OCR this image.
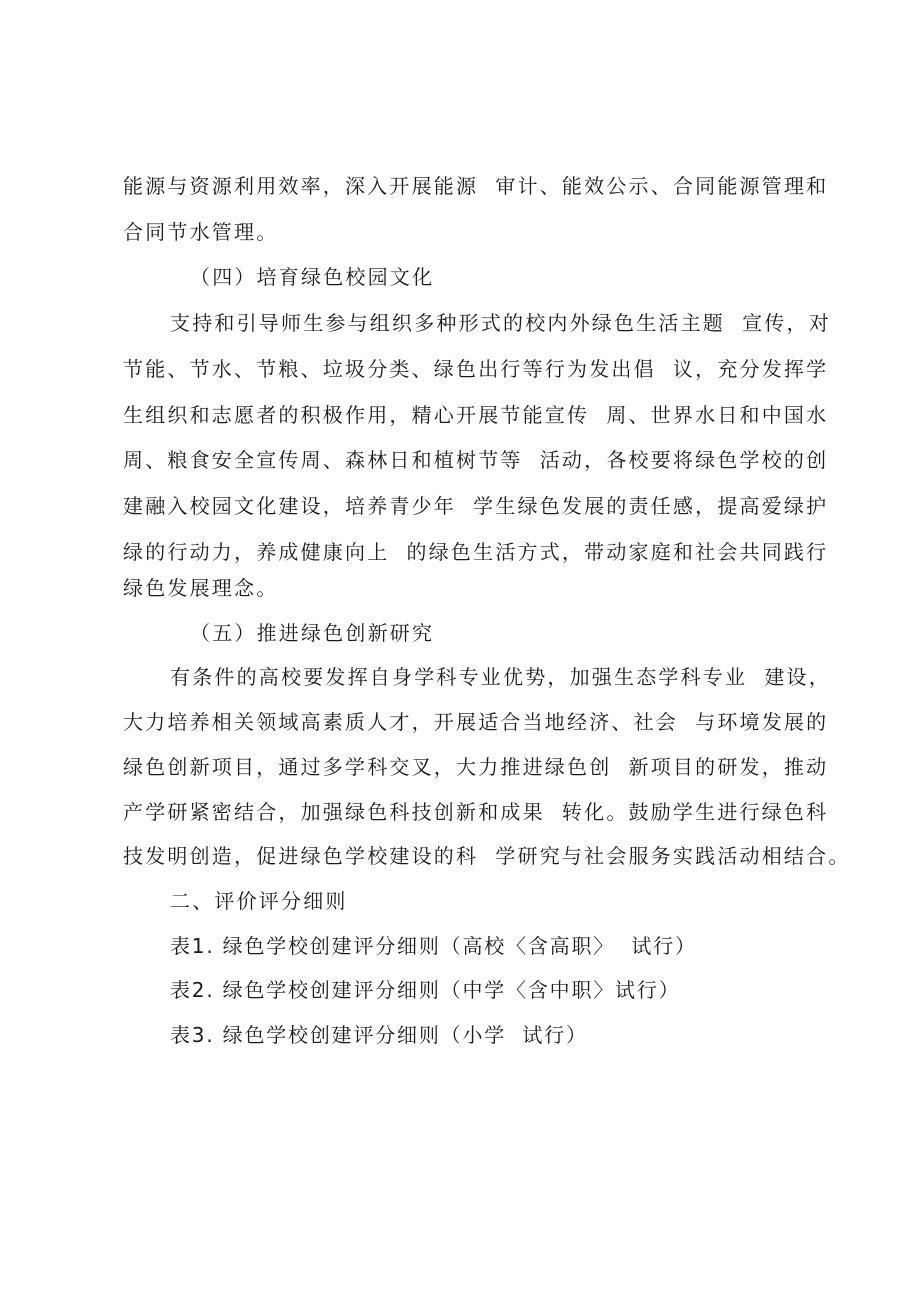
能源与资源利用效率，深入开展能源  审计、能效公示、合同能源管理和
合同节水管理。
（四）培育绿色校园文化
支持和引导师生参与组织多种形式的校内外绿色生活主题  宣传，对
节能、节水、节粮、垃圾分类、绿色出行等行为发出倡  议，充分发挥学
生组织和志愿者的积极作用，精心开展节能宣传  周、世界水日和中国水
周、粮食安全宣传周、森林日和植树节等  活动，各校要将绿色学校的创
建融入校园文化建设，培养青少年  学生绿色发展的责任感，提高爱绿护
绿的行动力，养成健康向上  的绿色生活方式，带动家庭和社会共同践行
绿色发展理念。
（五）推进绿色创新研究
有条件的高校要发挥自身学科专业优势，加强生态学科专业  建设，
大力培养相关领域高素质人才，开展适合当地经济、社会  与环境发展的
绿色创新项目，通过多学科交叉，大力推进绿色创  新项目的研发，推动
产学研紧密结合，加强绿色科技创新和成果  转化。鼓励学生进行绿色科
技发明创造，促进绿色学校建设的科  学研究与社会服务实践活动相结合。
二、评价评分细则
表1. 绿色学校创建评分细则（高校〈含高职〉  试行）
表2. 绿色学校创建评分细则（中学〈含中职〉试行）
表3. 绿色学校创建评分细则（小学  试行）
